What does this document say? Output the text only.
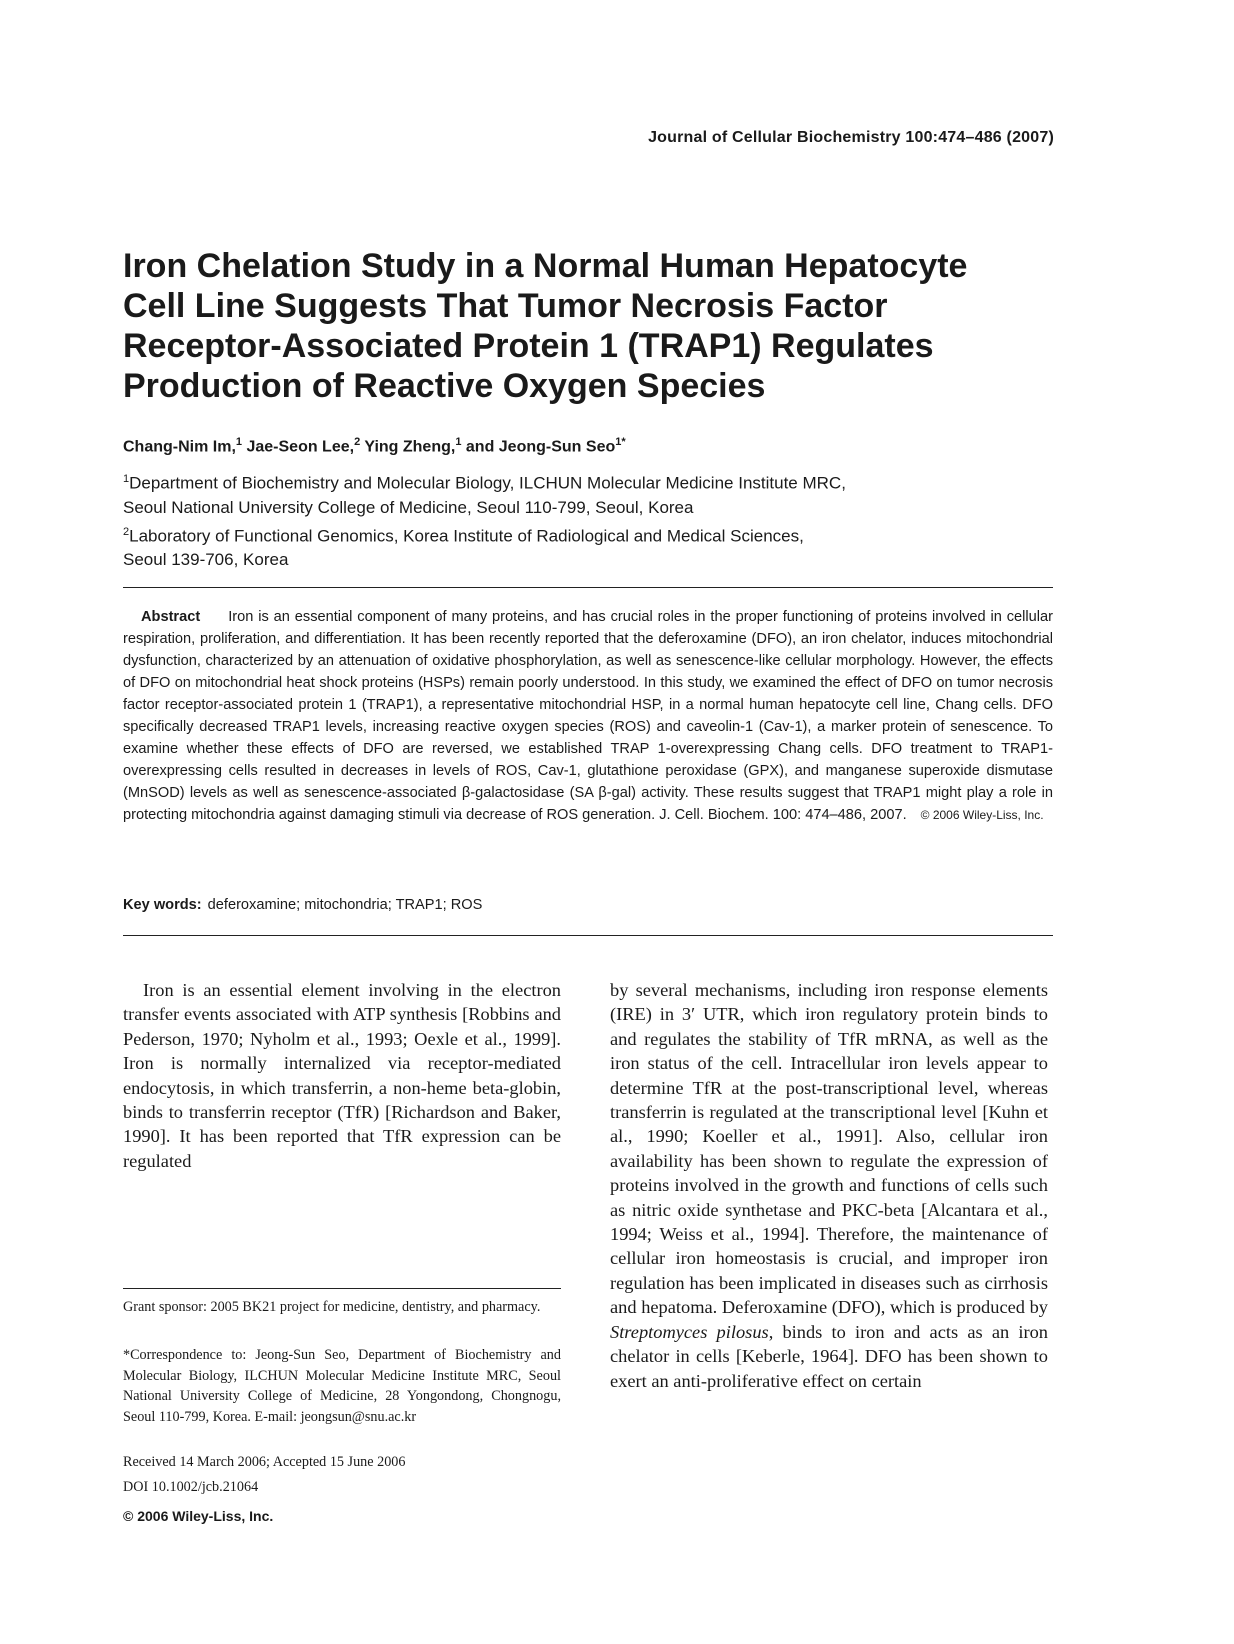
Journal of Cellular Biochemistry 100:474–486 (2007)
Iron Chelation Study in a Normal Human Hepatocyte
Cell Line Suggests That Tumor Necrosis Factor
Receptor-Associated Protein 1 (TRAP1) Regulates
Production of Reactive Oxygen Species
Chang-Nim Im,$^1$ Jae-Seon Lee,$^2$ Ying Zheng,$^1$ and Jeong-Sun Seo$^{1*}$
$^1$Department of Biochemistry and Molecular Biology, ILCHUN Molecular Medicine Institute MRC,
Seoul National University College of Medicine, Seoul 110-799, Seoul, Korea
$^2$Laboratory of Functional Genomics, Korea Institute of Radiological and Medical Sciences,
Seoul 139-706, Korea
Abstract Iron is an essential component of many proteins, and has crucial roles in the proper functioning of proteins involved in cellular respiration, proliferation, and differentiation. It has been recently reported that the deferoxamine (DFO), an iron chelator, induces mitochondrial dysfunction, characterized by an attenuation of oxidative phosphorylation, as well as senescence-like cellular morphology. However, the effects of DFO on mitochondrial heat shock proteins (HSPs) remain poorly understood. In this study, we examined the effect of DFO on tumor necrosis factor receptor-associated protein 1 (TRAP1), a representative mitochondrial HSP, in a normal human hepatocyte cell line, Chang cells. DFO specifically decreased TRAP1 levels, increasing reactive oxygen species (ROS) and caveolin-1 (Cav-1), a marker protein of senescence. To examine whether these effects of DFO are reversed, we established TRAP 1-overexpressing Chang cells. DFO treatment to TRAP1-overexpressing cells resulted in decreases in levels of ROS, Cav-1, glutathione peroxidase (GPX), and manganese superoxide dismutase (MnSOD) levels as well as senescence-associated β-galactosidase (SA β-gal) activity. These results suggest that TRAP1 might play a role in protecting mitochondria against damaging stimuli via decrease of ROS generation. J. Cell. Biochem. 100: 474–486, 2007. © 2006 Wiley-Liss, Inc.
Key words: deferoxamine; mitochondria; TRAP1; ROS

Iron is an essential element involving in the electron transfer events associated with ATP synthesis [Robbins and Pederson, 1970; Nyholm et al., 1993; Oexle et al., 1999]. Iron is normally internalized via receptor-mediated endocytosis, in which transferrin, a non-heme beta-globin, binds to transferrin receptor (TfR) [Richardson and Baker, 1990]. It has been reported that TfR expression can be regulated

by several mechanisms, including iron response elements (IRE) in 3′ UTR, which iron regulatory protein binds to and regulates the stability of TfR mRNA, as well as the iron status of the cell. Intracellular iron levels appear to determine TfR at the post-transcriptional level, whereas transferrin is regulated at the transcriptional level [Kuhn et al., 1990; Koeller et al., 1991]. Also, cellular iron availability has been shown to regulate the expression of proteins involved in the growth and functions of cells such as nitric oxide synthetase and PKC-beta [Alcantara et al., 1994; Weiss et al., 1994]. Therefore, the maintenance of cellular iron homeostasis is crucial, and improper iron regulation has been implicated in diseases such as cirrhosis and hepatoma. Deferoxamine (DFO), which is produced by Streptomyces pilosus, binds to iron and acts as an iron chelator in cells [Keberle, 1964]. DFO has been shown to exert an anti-proliferative effect on certain

Grant sponsor: 2005 BK21 project for medicine, dentistry, and pharmacy.

*Correspondence to: Jeong-Sun Seo, Department of Biochemistry and Molecular Biology, ILCHUN Molecular Medicine Institute MRC, Seoul National University College of Medicine, 28 Yongondong, Chongnogu, Seoul 110-799, Korea. E-mail: jeongsun@snu.ac.kr

Received 14 March 2006; Accepted 15 June 2006

DOI 10.1002/jcb.21064

© 2006 Wiley-Liss, Inc.
